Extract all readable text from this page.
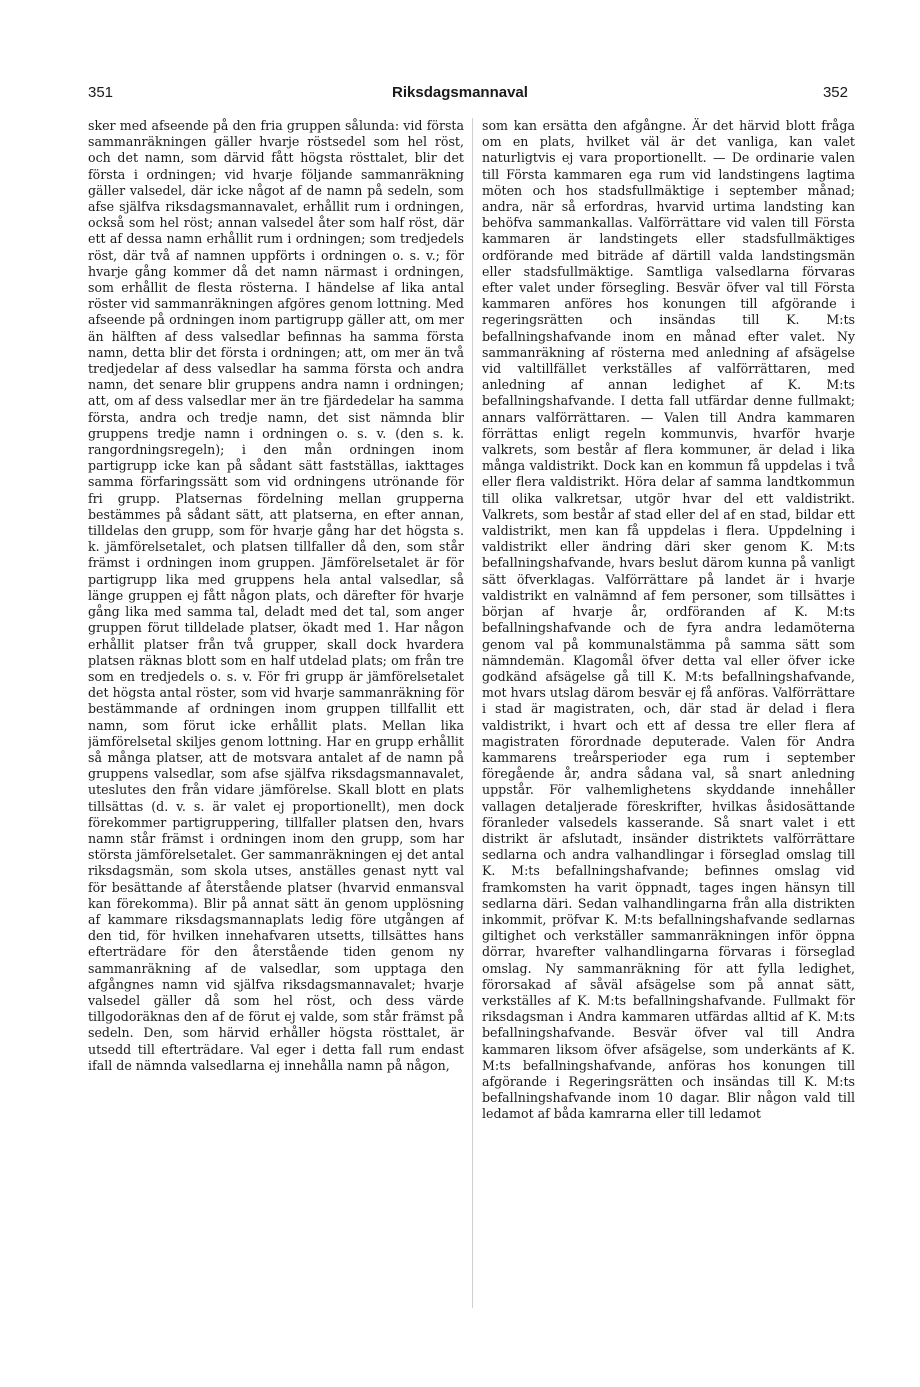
351	Riksdagsmannaval	352

sker med afseende på den fria gruppen sålunda: vid första sammanräkningen gäller hvarje röstsedel som hel röst, och det namn, som därvid fått högsta rösttalet, blir det första i ordningen; vid hvarje följande sammanräkning gäller valsedel, där icke något af de namn på sedeln, som afse själfva riksdagsmannavalet, erhållit rum i ordningen, också som hel röst; annan valsedel åter som half röst, där ett af dessa namn erhållit rum i ordningen; som tredjedels röst, där två af namnen uppförts i ordningen o. s. v.; för hvarje gång kommer då det namn närmast i ordningen, som erhållit de flesta rösterna. I händelse af lika antal röster vid sammanräkningen afgöres genom lottning. Med afseende på ordningen inom partigrupp gäller att, om mer än hälften af dess valsedlar befinnas ha samma första namn, detta blir det första i ordningen; att, om mer än två tredjedelar af dess valsedlar ha samma första och andra namn, det senare blir gruppens andra namn i ordningen; att, om af dess valsedlar mer än tre fjärdedelar ha samma första, andra och tredje namn, det sist nämnda blir gruppens tredje namn i ordningen o. s. v. (den s. k. rangordningsregeln); i den mån ordningen inom partigrupp icke kan på sådant sätt fastställas, iakttages samma förfaringssätt som vid ordningens utrönande för fri grupp. Platsernas fördelning mellan grupperna bestämmes på sådant sätt, att platserna, en efter annan, tilldelas den grupp, som för hvarje gång har det högsta s. k. jämförelsetalet, och platsen tillfaller då den, som står främst i ordningen inom gruppen. Jämförelsetalet är för partigrupp lika med gruppens hela antal valsedlar, så länge gruppen ej fått någon plats, och därefter för hvarje gång lika med samma tal, deladt med det tal, som anger gruppen förut tilldelade platser, ökadt med 1. Har någon erhållit platser från två grupper, skall dock hvardera platsen räknas blott som en half utdelad plats; om från tre som en tredjedels o. s. v. För fri grupp är jämförelsetalet det högsta antal röster, som vid hvarje sammanräkning för bestämmande af ordningen inom gruppen tillfallit ett namn, som förut icke erhållit plats. Mellan lika jämförelsetal skiljes genom lottning. Har en grupp erhållit så många platser, att de motsvara antalet af de namn på gruppens valsedlar, som afse själfva riksdagsmannavalet, uteslutes den från vidare jämförelse. Skall blott en plats tillsättas (d. v. s. är valet ej proportionellt), men dock förekommer partigruppering, tillfaller platsen den, hvars namn står främst i ordningen inom den grupp, som har största jämförelsetalet. Ger sammanräkningen ej det antal riksdagsmän, som skola utses, anställes genast nytt val för besättande af återstående platser (hvarvid enmansval kan förekomma). Blir på annat sätt än genom upplösning af kammare riksdagsmannaplats ledig före utgången af den tid, för hvilken innehafvaren utsetts, tillsättes hans efterträdare för den återstående tiden genom ny sammanräkning af de valsedlar, som upptaga den afgångnes namn vid själfva riksdagsmannavalet; hvarje valsedel gäller då som hel röst, och dess värde tillgodoräknas den af de förut ej valde, som står främst på sedeln. Den, som härvid erhåller högsta rösttalet, är utsedd till efterträdare. Val eger i detta fall rum endast ifall de nämnda valsedlarna ej innehålla namn på någon,

som kan ersätta den afgångne. Är det härvid blott fråga om en plats, hvilket väl är det vanliga, kan valet naturligtvis ej vara proportionellt. — De ordinarie valen till Första kammaren ega rum vid landstingens lagtima möten och hos stadsfullmäktige i september månad; andra, när så erfordras, hvarvid urtima landsting kan behöfva sammankallas. Valförrättare vid valen till Första kammaren är landstingets eller stadsfullmäktiges ordförande med biträde af därtill valda landstingsmän eller stadsfullmäktige. Samtliga valsedlarna förvaras efter valet under försegling. Besvär öfver val till Första kammaren anföres hos konungen till afgörande i regeringsrätten och insändas till K. M:ts befallningshafvande inom en månad efter valet. Ny sammanräkning af rösterna med anledning af afsägelse vid valtillfället verkställes af valförrättaren, med anledning af annan ledighet af K. M:ts befallningshafvande. I detta fall utfärdar denne fullmakt; annars valförrättaren. — Valen till Andra kammaren förrättas enligt regeln kommunvis, hvarför hvarje valkrets, som består af flera kommuner, är delad i lika många valdistrikt. Dock kan en kommun få uppdelas i två eller flera valdistrikt. Höra delar af samma landtkommun till olika valkretsar, utgör hvar del ett valdistrikt. Valkrets, som består af stad eller del af en stad, bildar ett valdistrikt, men kan få uppdelas i flera. Uppdelning i valdistrikt eller ändring däri sker genom K. M:ts befallningshafvande, hvars beslut därom kunna på vanligt sätt öfverklagas. Valförrättare på landet är i hvarje valdistrikt en valnämnd af fem personer, som tillsättes i början af hvarje år, ordföranden af K. M:ts befallningshafvande och de fyra andra ledamöterna genom val på kommunalstämma på samma sätt som nämndemän. Klagomål öfver detta val eller öfver icke godkänd afsägelse gå till K. M:ts befallningshafvande, mot hvars utslag därom besvär ej få anföras. Valförrättare i stad är magistraten, och, där stad är delad i flera valdistrikt, i hvart och ett af dessa tre eller flera af magistraten förordnade deputerade. Valen för Andra kammarens treårsperioder ega rum i september föregående år, andra sådana val, så snart anledning uppstår. För valhemlighetens skyddande innehåller vallagen detaljerade föreskrifter, hvilkas åsidosättande föranleder valsedels kasserande. Så snart valet i ett distrikt är afslutadt, insänder distriktets valförrättare sedlarna och andra valhandlingar i förseglad omslag till K. M:ts befallningshafvande; befinnes omslag vid framkomsten ha varit öppnadt, tages ingen hänsyn till sedlarna däri. Sedan valhandlingarna från alla distrikten inkommit, pröfvar K. M:ts befallningshafvande sedlarnas giltighet och verkställer sammanräkningen inför öppna dörrar, hvarefter valhandlingarna förvaras i förseglad omslag. Ny sammanräkning för att fylla ledighet, förorsakad af såväl afsägelse som på annat sätt, verkställes af K. M:ts befallningshafvande. Fullmakt för riksdagsman i Andra kammaren utfärdas alltid af K. M:ts befallningshafvande. Besvär öfver val till Andra kammaren liksom öfver afsägelse, som underkänts af K. M:ts befallningshafvande, anföras hos konungen till afgörande i Regeringsrätten och insändas till K. M:ts befallningshafvande inom 10 dagar. Blir någon vald till ledamot af båda kamrarna eller till ledamot
